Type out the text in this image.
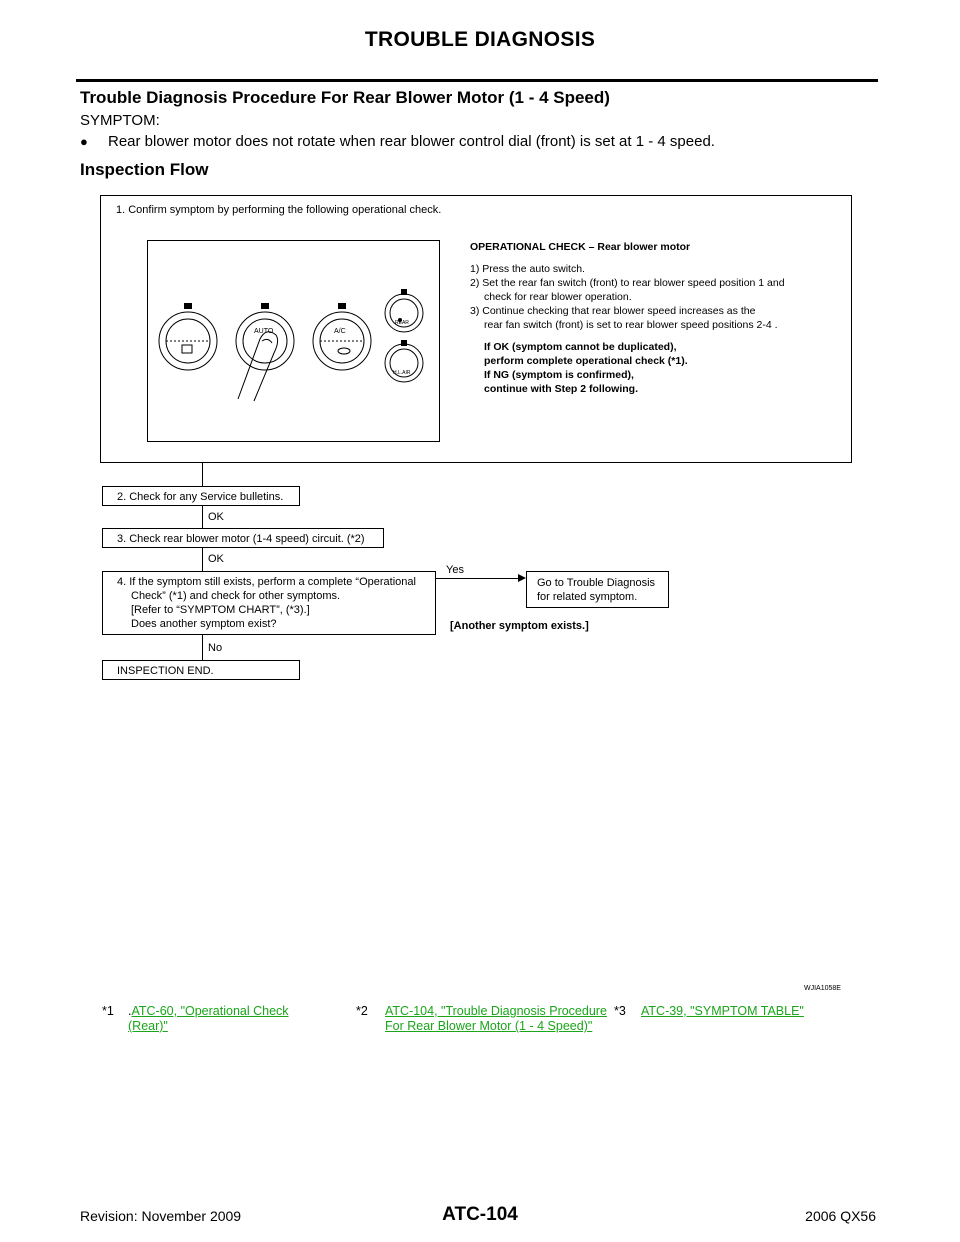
TROUBLE DIAGNOSIS
Trouble Diagnosis Procedure For Rear Blower Motor (1 - 4 Speed)
SYMPTOM:
● Rear blower motor does not rotate when rear blower control dial (front) is set at 1 - 4 speed.
Inspection Flow
1. Confirm symptom by performing the following operational check.
AUTO	A/C
REAR
H.L.AIR
OPERATIONAL CHECK – Rear blower motor
1) Press the auto switch.
2) Set the rear fan switch (front) to rear blower speed position 1 and
check for rear blower operation.
3) Continue checking that rear blower speed increases as the
rear fan switch (front) is set to rear blower speed positions 2-4 .
If OK (symptom cannot be duplicated),
perform complete operational check (*1).
If NG (symptom is confirmed),
continue with Step 2 following.
OK
OK
Yes
[Another symptom exists.]
No
2. Check for any Service bulletins.
3. Check rear blower motor (1-4 speed) circuit. (*2)
4. If the symptom still exists, perform a complete “Operational
Check” (*1) and check for other symptoms.
[Refer to “SYMPTOM CHART”, (*3).]
Does another symptom exist?
Go to Trouble Diagnosis
for related symptom.
INSPECTION END.
WJIA1058E
*1 .ATC-60, "Operational Check (Rear)"
*2 ATC-104, "Trouble Diagnosis Procedure For Rear Blower Motor (1 - 4 Speed)"
*3 ATC-39, "SYMPTOM TABLE"
Revision: November 2009	ATC-104	2006 QX56
